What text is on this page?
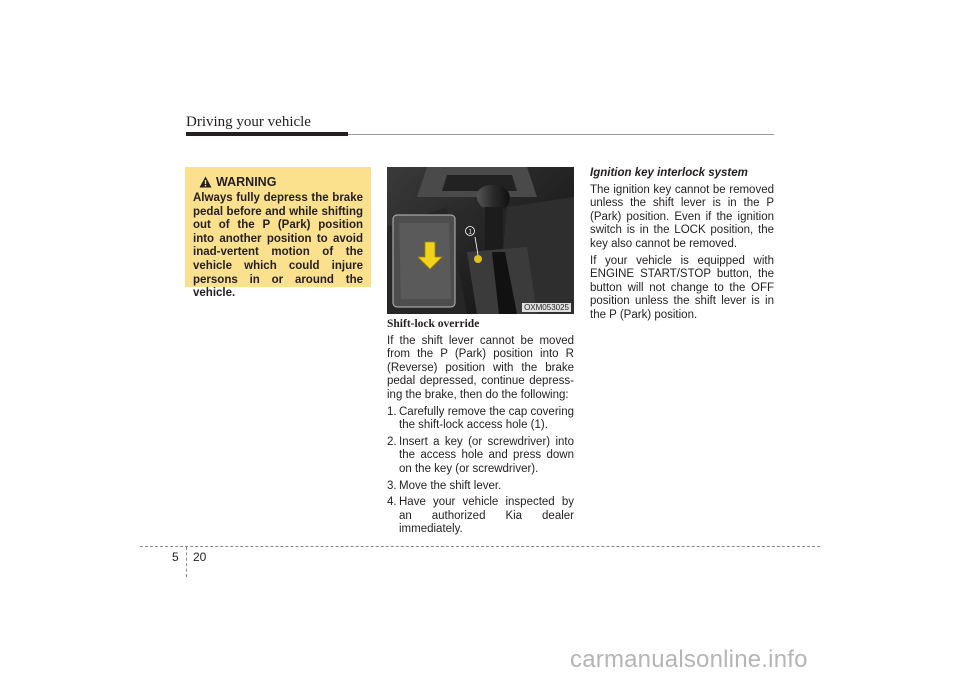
Driving your vehicle
WARNING

Always fully depress the brake pedal before and while shifting out of the P (Park) position into another position to avoid inad-vertent motion of the vehicle which could injure persons in or around the vehicle.

1
OXM053025
Shift-lock override

If the shift lever cannot be moved from the P (Park) position into R (Reverse) position with the brake pedal depressed, continue depress-ing the brake, then do the following:

1. Carefully remove the cap covering the shift-lock access hole (1).
2. Insert a key (or screwdriver) into the access hole and press down on the key (or screwdriver).
3. Move the shift lever.
4. Have your vehicle inspected by an authorized Kia dealer immediately.
Ignition key interlock system

The ignition key cannot be removed unless the shift lever is in the P (Park) position. Even if the ignition switch is in the LOCK position, the key also cannot be removed.

If your vehicle is equipped with ENGINE START/STOP button, the button will not change to the OFF position unless the shift lever is in the P (Park) position.

5 20
carmanualsonline.info
